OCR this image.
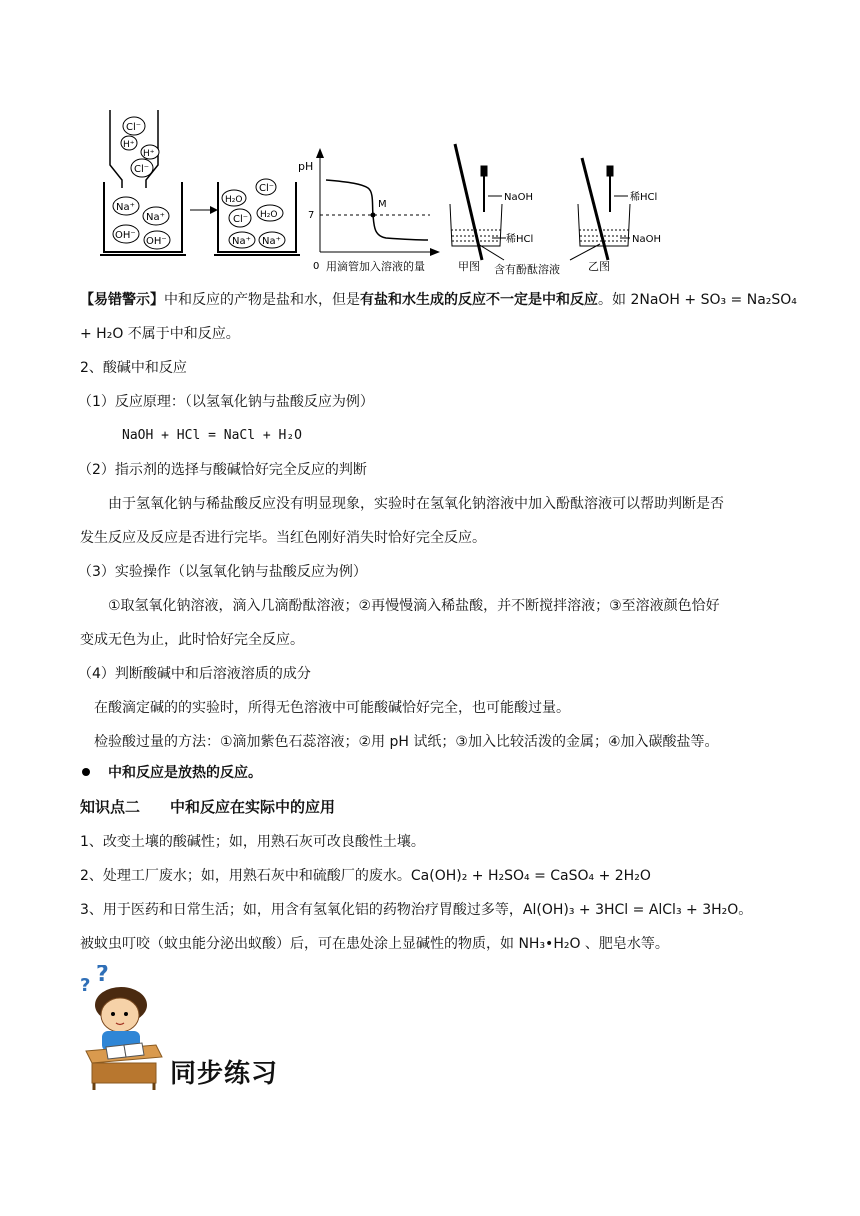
Cl⁻
H⁺
H⁺
Cl⁻
Na⁺
Na⁺
OH⁻
OH⁻
H₂O
Cl⁻
Cl⁻ H₂O
Na⁺ Na⁺
pH
7
0
M
用滴管加入溶液的量
NaOH
稀HCl
甲图
稀HCl
NaOH
乙图
含有酚酞溶液
【易错警示】中和反应的产物是盐和水，但是有盐和水生成的反应不一定是中和反应。如 2NaOH + SO₃ = Na₂SO₄
+ H₂O 不属于中和反应。
2、酸碱中和反应
（1）反应原理：（以氢氧化钠与盐酸反应为例）
NaOH + HCl = NaCl + H₂O
（2）指示剂的选择与酸碱恰好完全反应的判断
由于氢氧化钠与稀盐酸反应没有明显现象，实验时在氢氧化钠溶液中加入酚酞溶液可以帮助判断是否
发生反应及反应是否进行完毕。当红色刚好消失时恰好完全反应。
（3）实验操作（以氢氧化钠与盐酸反应为例）
①取氢氧化钠溶液，滴入几滴酚酞溶液；②再慢慢滴入稀盐酸，并不断搅拌溶液；③至溶液颜色恰好
变成无色为止，此时恰好完全反应。
（4）判断酸碱中和后溶液溶质的成分
在酸滴定碱的的实验时，所得无色溶液中可能酸碱恰好完全，也可能酸过量。
检验酸过量的方法：①滴加紫色石蕊溶液；②用 pH 试纸；③加入比较活泼的金属；④加入碳酸盐等。
中和反应是放热的反应。
知识点二　　中和反应在实际中的应用
1、改变土壤的酸碱性；如，用熟石灰可改良酸性土壤。
2、处理工厂废水；如，用熟石灰中和硫酸厂的废水。Ca(OH)₂ + H₂SO₄ = CaSO₄ + 2H₂O
3、用于医药和日常生活；如，用含有氢氧化铝的药物治疗胃酸过多等，Al(OH)₃ + 3HCl = AlCl₃ + 3H₂O。
被蚊虫叮咬（蚊虫能分泌出蚁酸）后，可在患处涂上显碱性的物质，如 NH₃•H₂O 、肥皂水等。
? ?
同步练习
